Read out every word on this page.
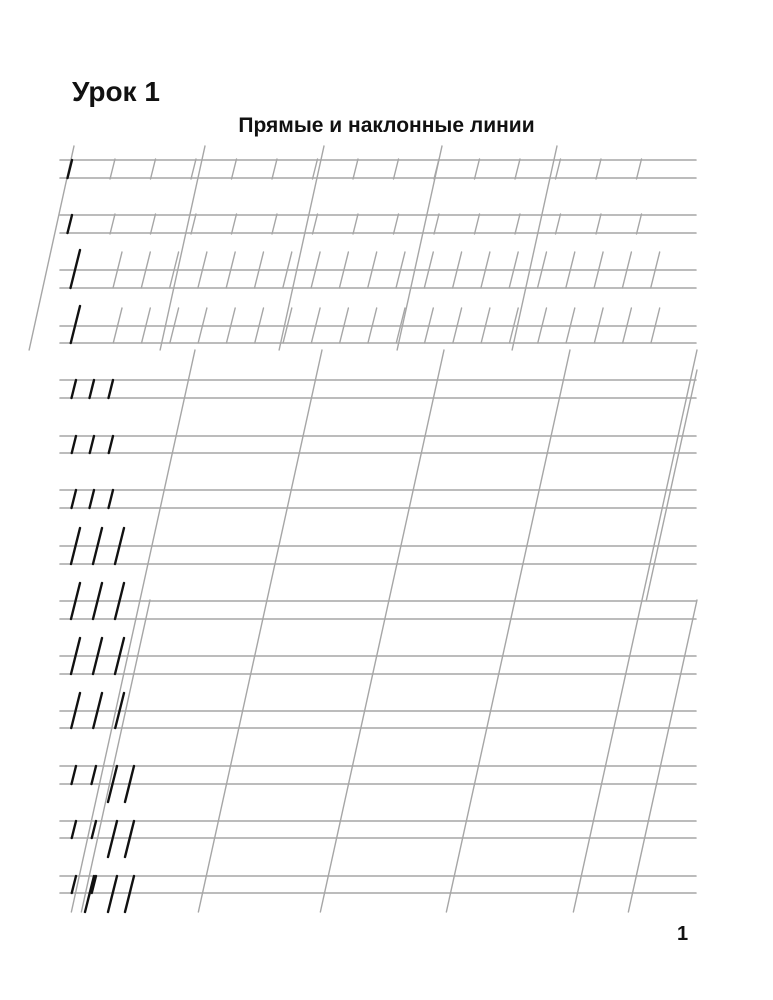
Урок 1
Прямые и наклонные линии
1
